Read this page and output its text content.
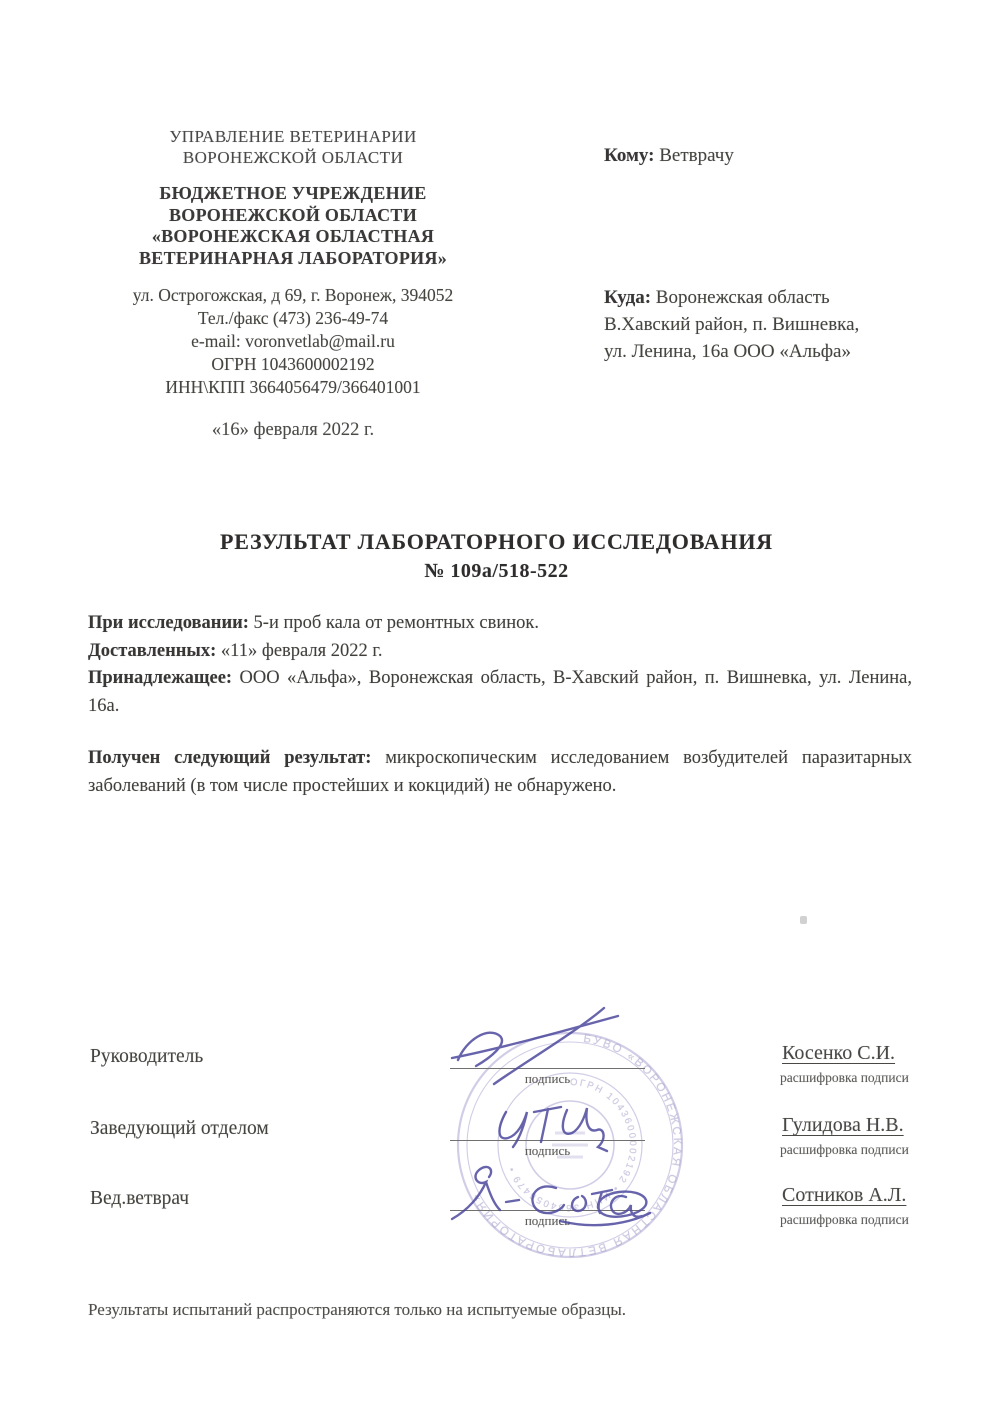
БУВО «ВОРОНЕЖСКАЯ ОБЛАСТНАЯ ВЕТЛАБОРАТОРИЯ»
ОГРН 1043600002192 • ИНН 3664056479 •
УПРАВЛЕНИЕ ВЕТЕРИНАРИИ
ВОРОНЕЖСКОЙ ОБЛАСТИ
БЮДЖЕТНОЕ УЧРЕЖДЕНИЕ
ВОРОНЕЖСКОЙ ОБЛАСТИ
«ВОРОНЕЖСКАЯ ОБЛАСТНАЯ
ВЕТЕРИНАРНАЯ ЛАБОРАТОРИЯ»
ул. Острогожская, д 69, г. Воронеж, 394052
Тел./факс (473) 236-49-74
e-mail: voronvetlab@mail.ru
ОГРН 1043600002192
ИНН\КПП 3664056479/366401001
«16» февраля 2022 г.
Кому: Ветврачу
Куда: Воронежская область
В.Хавский район, п. Вишневка,
ул. Ленина, 16а ООО «Альфа»
РЕЗУЛЬТАТ ЛАБОРАТОРНОГО ИССЛЕДОВАНИЯ
№ 109а/518-522

При исследовании: 5-и проб кала от ремонтных свинок.

Доставленных: «11» февраля 2022 г.

Принадлежащее: ООО «Альфа», Воронежская область, В-Хавский район, п. Вишневка, ул. Ленина, 16а.

Получен следующий результат: микроскопическим исследованием возбудителей паразитарных заболеваний (в том числе простейших и кокцидий) не обнаружено.

Руководитель
подпись
Косенко С.И.
расшифровка подписи
Заведующий отделом
подпись
Гулидова Н.В.
расшифровка подписи
Вед.ветврач
подпись
Сотников А.Л.
расшифровка подписи
Результаты испытаний распространяются только на испытуемые образцы.
